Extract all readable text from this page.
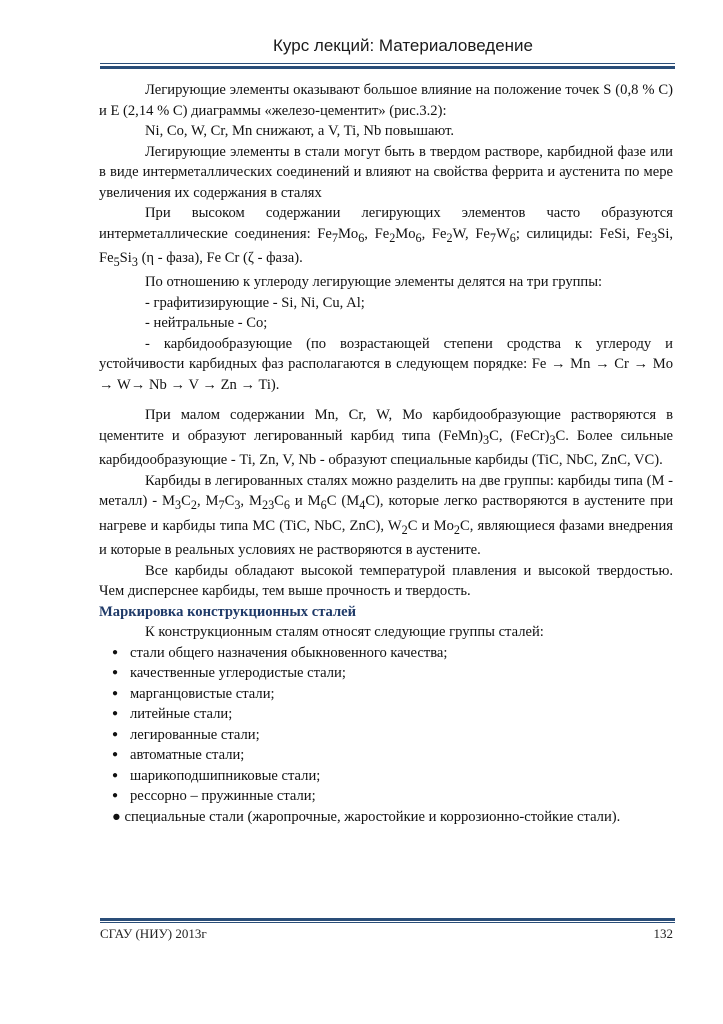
Курс лекций: Материаловедение

Легирующие элементы оказывают большое влияние на положение точек S (0,8 % C) и E (2,14 % C) диаграммы «железо-цементит» (рис.3.2):

Ni, Co, W, Cr, Mn снижают, а V, Ti, Nb повышают.

Легирующие элементы в стали могут быть в твердом растворе, карбидной фазе или в виде интерметаллических соединений и влияют на свойства феррита и аустенита по мере увеличения их содержания в сталях

При высоком содержании легирующих элементов часто образуются интерметаллические соединения: $Fe_7Mo_6$, $Fe_2Mo_6$, $Fe_2W$, $Fe_7W_6$; силициды: FeSi, $Fe_3Si$, $Fe_5Si_3$ (η - фаза), Fe Cr (ζ - фаза).

По отношению к углероду легирующие элементы делятся на три группы:

- графитизирующие - Si, Ni, Cu, Al;

- нейтральные - Co;

- карбидообразующие (по возрастающей степени сродства к углероду и устойчивости карбидных фаз располагаются в следующем порядке: Fe → Mn → Cr → Mo → W→ Nb → V → Zn → Ti).

При малом содержании Mn, Cr, W, Mo карбидообразующие растворяются в цементите и образуют легированный карбид типа $(FeMn)_3C$, $(FeCr)_3C$. Более сильные карбидообразующие - Ti, Zn, V, Nb - образуют специальные карбиды (TiC, NbC, ZnC, VC).

Карбиды в легированных сталях можно разделить на две группы: карбиды типа (М - металл) - $M_3C_2$, $M_7C_3$, $M_{23}C_6$ и $M_6C$ $(M_4C)$, которые легко растворяются в аустените при нагреве и карбиды типа MC (TiC, NbC, ZnC), $W_2C$ и $Mo_2C$, являющиеся фазами внедрения и которые в реальных условиях не растворяются в аустените.

Все карбиды обладают высокой температурой плавления и высокой твердостью. Чем дисперснее карбиды, тем выше прочность и твердость.

Маркировка конструкционных сталей

К конструкционным сталям относят следующие группы сталей:

● стали общего назначения обыкновенного качества;
● качественные углеродистые стали;
● марганцовистые стали;
● литейные стали;
● легированные стали;
● автоматные стали;
● шарикоподшипниковые стали;
● рессорно – пружинные стали;
● специальные стали (жаропрочные, жаростойкие и коррозионно-стойкие стали).
СГАУ (НИУ) 2013г	132
